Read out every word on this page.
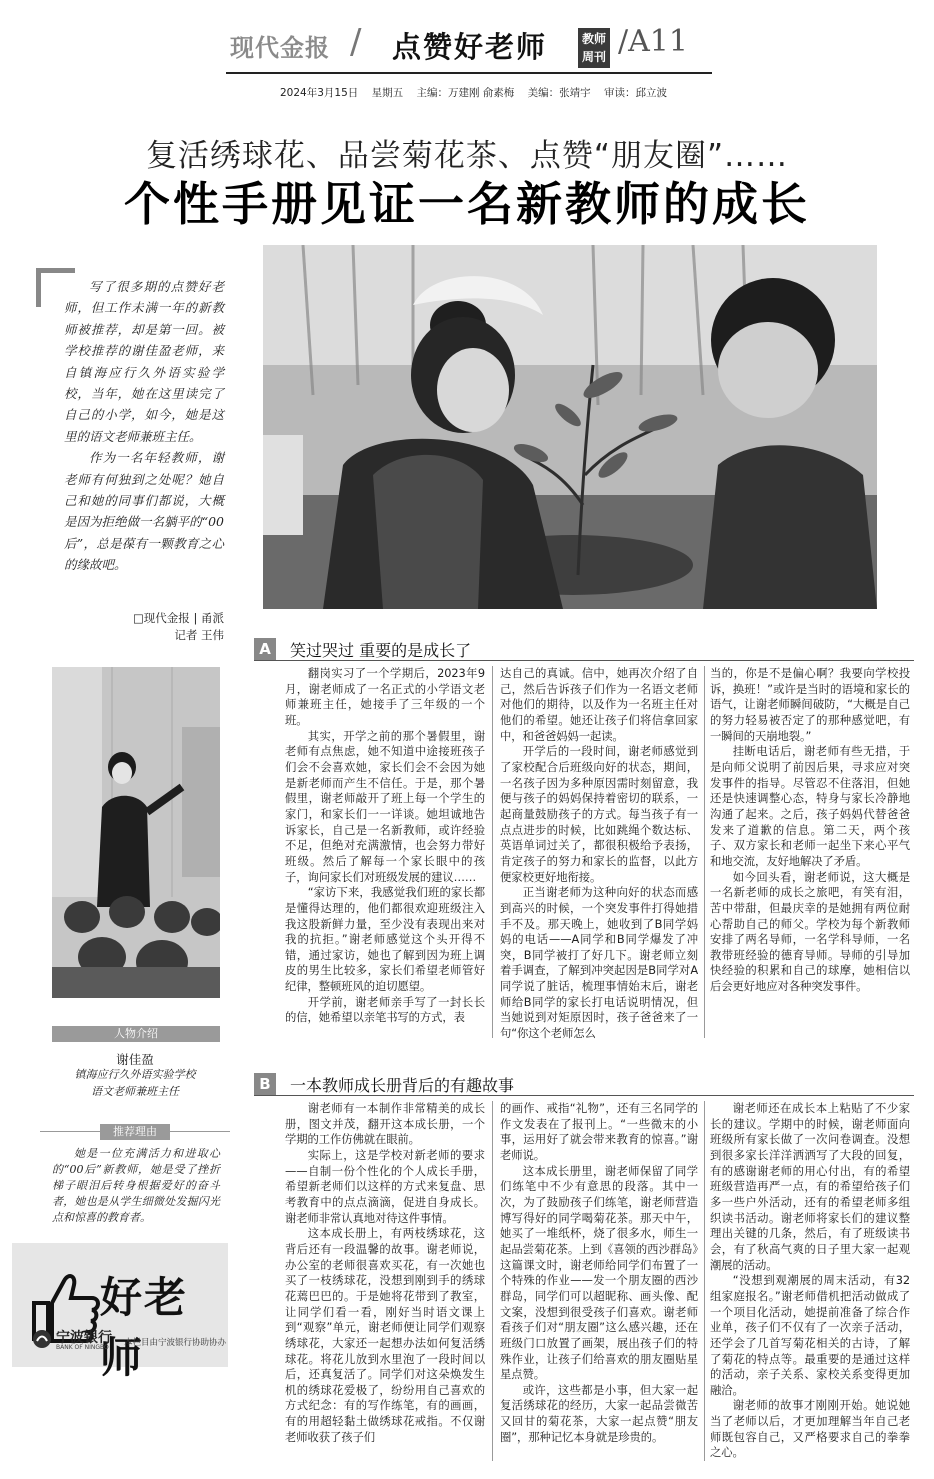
现代金报 / 点赞好老师	教师
周刊 /A11
2024年3月15日 星期五 主编：万建刚 俞素梅 美编：张靖宇 审读：邱立波
复活绣球花、品尝菊花茶、点赞“朋友圈”……
个性手册见证一名新教师的成长

写了很多期的点赞好老师，但工作未满一年的新教师被推荐，却是第一回。被学校推荐的谢佳盈老师，来自镇海应行久外语实验学校，当年，她在这里读完了自己的小学，如今，她是这里的语文老师兼班主任。

作为一名年轻教师，谢老师有何独到之处呢？她自己和她的同事们都说，大概是因为拒绝做一名躺平的“00后”，总是葆有一颗教育之心的缘故吧。

□现代金报 | 甬派
记者 王伟
人物介绍
谢佳盈
镇海应行久外语实验学校
语文老师兼班主任
推荐理由
她是一位充满活力和进取心的“00后”新教师，她是受了挫折梯子眼泪后转身根据爱好的奋斗者，她也是从学生细微处发掘闪光点和惊喜的教育者。
好老师
宁波银行
BANK OF NINGBO 本栏目由宁波银行协助协办
A	笑过哭过 重要的是成长了

翻岗实习了一个学期后，2023年9月，谢老师成了一名正式的小学语文老师兼班主任，她接手了三年级的一个班。

其实，开学之前的那个暑假里，谢老师有点焦虑，她不知道中途接班孩子们会不会喜欢她，家长们会不会因为她是新老师而产生不信任。于是，那个暑假里，谢老师敲开了班上每一个学生的家门，和家长们一一详谈。她坦诚地告诉家长，自己是一名新教师，或许经验不足，但绝对充满激情，也会努力带好班级。然后了解每一个家长眼中的孩子，询问家长们对班级发展的建议……

“家访下来，我感觉我们班的家长都是懂得达理的，他们都很欢迎班级注入我这股新鲜力量，至少没有表现出来对我的抗拒。”谢老师感觉这个头开得不错，通过家访，她也了解到因为班上调皮的男生比较多，家长们希望老师管好纪律，整顿班风的迫切愿望。

开学前，谢老师亲手写了一封长长的信，她希望以亲笔书写的方式，表

达自己的真诚。信中，她再次介绍了自己，然后告诉孩子们作为一名语文老师对他们的期待，以及作为一名班主任对他们的希望。她还让孩子们将信拿回家中，和爸爸妈妈一起读。

开学后的一段时间，谢老师感觉到了家校配合后班级向好的状态，期间，一名孩子因为多种原因需时刻留意，我便与孩子的妈妈保持着密切的联系，一起商量鼓励孩子的方式。每当孩子有一点点进步的时候，比如跳绳个数达标、英语单词过关了，都很积极给予表扬，肯定孩子的努力和家长的监督，以此方便家校更好地衔接。

正当谢老师为这种向好的状态而感到高兴的时候，一个突发事件打得她措手不及。那天晚上，她收到了B同学妈妈的电话——A同学和B同学爆发了冲突，B同学被打了好几下。谢老师立刻着手调查，了解到冲突起因是B同学对A同学说了脏话，梳理事情始末后，谢老师给B同学的家长打电话说明情况，但当她说到对矩原因时，孩子爸爸来了一句“你这个老师怎么

当的，你是不是偏心啊？我要向学校投诉，换班！”或许是当时的语境和家长的语气，让谢老师瞬间破防，“大概是自己的努力轻易被否定了的那种感觉吧，有一瞬间的天崩地裂。”

挂断电话后，谢老师有些无措，于是向师父说明了前因后果，寻求应对突发事件的指导。尽管忍不住落泪，但她还是快速调整心态，特身与家长冷静地沟通了起来。之后，孩子妈妈代替爸爸发来了道歉的信息。第二天，两个孩子、双方家长和老师一起坐下来心平气和地交流，友好地解决了矛盾。

如今回头看，谢老师说，这大概是一名新老师的成长之旅吧，有笑有泪，苦中带甜，但最庆幸的是她拥有两位耐心帮助自己的师父。学校为每个新教师安排了两名导师，一名学科导师，一名教带班经验的德育导师。导师的引导加快经验的积累和自己的球摩，她相信以后会更好地应对各种突发事件。

B	一本教师成长册背后的有趣故事

谢老师有一本制作非常精美的成长册，图文并茂，翻开这本成长册，一个学期的工作仿佛就在眼前。

实际上，这是学校对新老师的要求——自制一份个性化的个人成长手册，希望新老师们以这样的方式来复盘、思考教育中的点点滴滴，促进自身成长。谢老师非常认真地对待这件事情。

这本成长册上，有两枝绣球花，这背后还有一段温馨的故事。谢老师说，办公室的老师很喜欢买花，有一次她也买了一枝绣球花，没想到刚到手的绣球花蔫巴巴的。于是她将花带到了教室，让同学们看一看，刚好当时语文课上到“观察”单元，谢老师便让同学们观察绣球花，大家还一起想办法如何复活绣球花。将花儿放到水里泡了一段时间以后，还真复活了。同学们对这朵焕发生机的绣球花爱极了，纷纷用自己喜欢的方式纪念：有的写作练笔，有的画画，有的用超轻黏土做绣球花戒指。不仅谢老师收获了孩子们

的画作、戒指“礼物”，还有三名同学的作文发表在了报刊上。“一些微末的小事，运用好了就会带来教育的惊喜。”谢老师说。

这本成长册里，谢老师保留了同学们练笔中不少有意思的段落。其中一次，为了鼓励孩子们练笔，谢老师营造博写得好的同学喝菊花茶。那天中午，她买了一堆纸杯，烧了很多水，师生一起品尝菊花茶。上到《喜领的西沙群岛》这篇课文时，谢老师给同学们布置了一个特殊的作业——发一个朋友圈的西沙群岛，同学们可以超昵称、画头像、配文案，没想到很受孩子们喜欢。谢老师看孩子们对“朋友圈”这么感兴趣，还在班级门口放置了画架，展出孩子们的特殊作业，让孩子们给喜欢的朋友圈贴星星点赞。

或许，这些都是小事，但大家一起复活绣球花的经历，大家一起品尝微苦又回甘的菊花茶，大家一起点赞“朋友圈”，那种记忆本身就是珍贵的。

谢老师还在成长本上粘贴了不少家长的建议。学期中的时候，谢老师面向班级所有家长做了一次问卷调查。没想到很多家长洋洋洒洒写了大段的回复，有的感谢谢老师的用心付出，有的希望班级营造再严一点，有的希望给孩子们多一些户外活动，还有的希望老师多组织读书活动。谢老师将家长们的建议整理出关键的几条，然后，有了班级读书会，有了秋高气爽的日子里大家一起观潮展的活动。

“没想到观潮展的周末活动，有32组家庭报名。”谢老师借机把活动做成了一个项目化活动，她提前准备了综合作业单，孩子们不仅有了一次亲子活动，还学会了几首写菊花相关的古诗，了解了菊花的特点等。最重要的是通过这样的活动，亲子关系、家校关系变得更加融洽。

谢老师的故事才刚刚开始。她说她当了老师以后，才更加理解当年自己老师既包容自己，又严格要求自己的拳拳之心。
